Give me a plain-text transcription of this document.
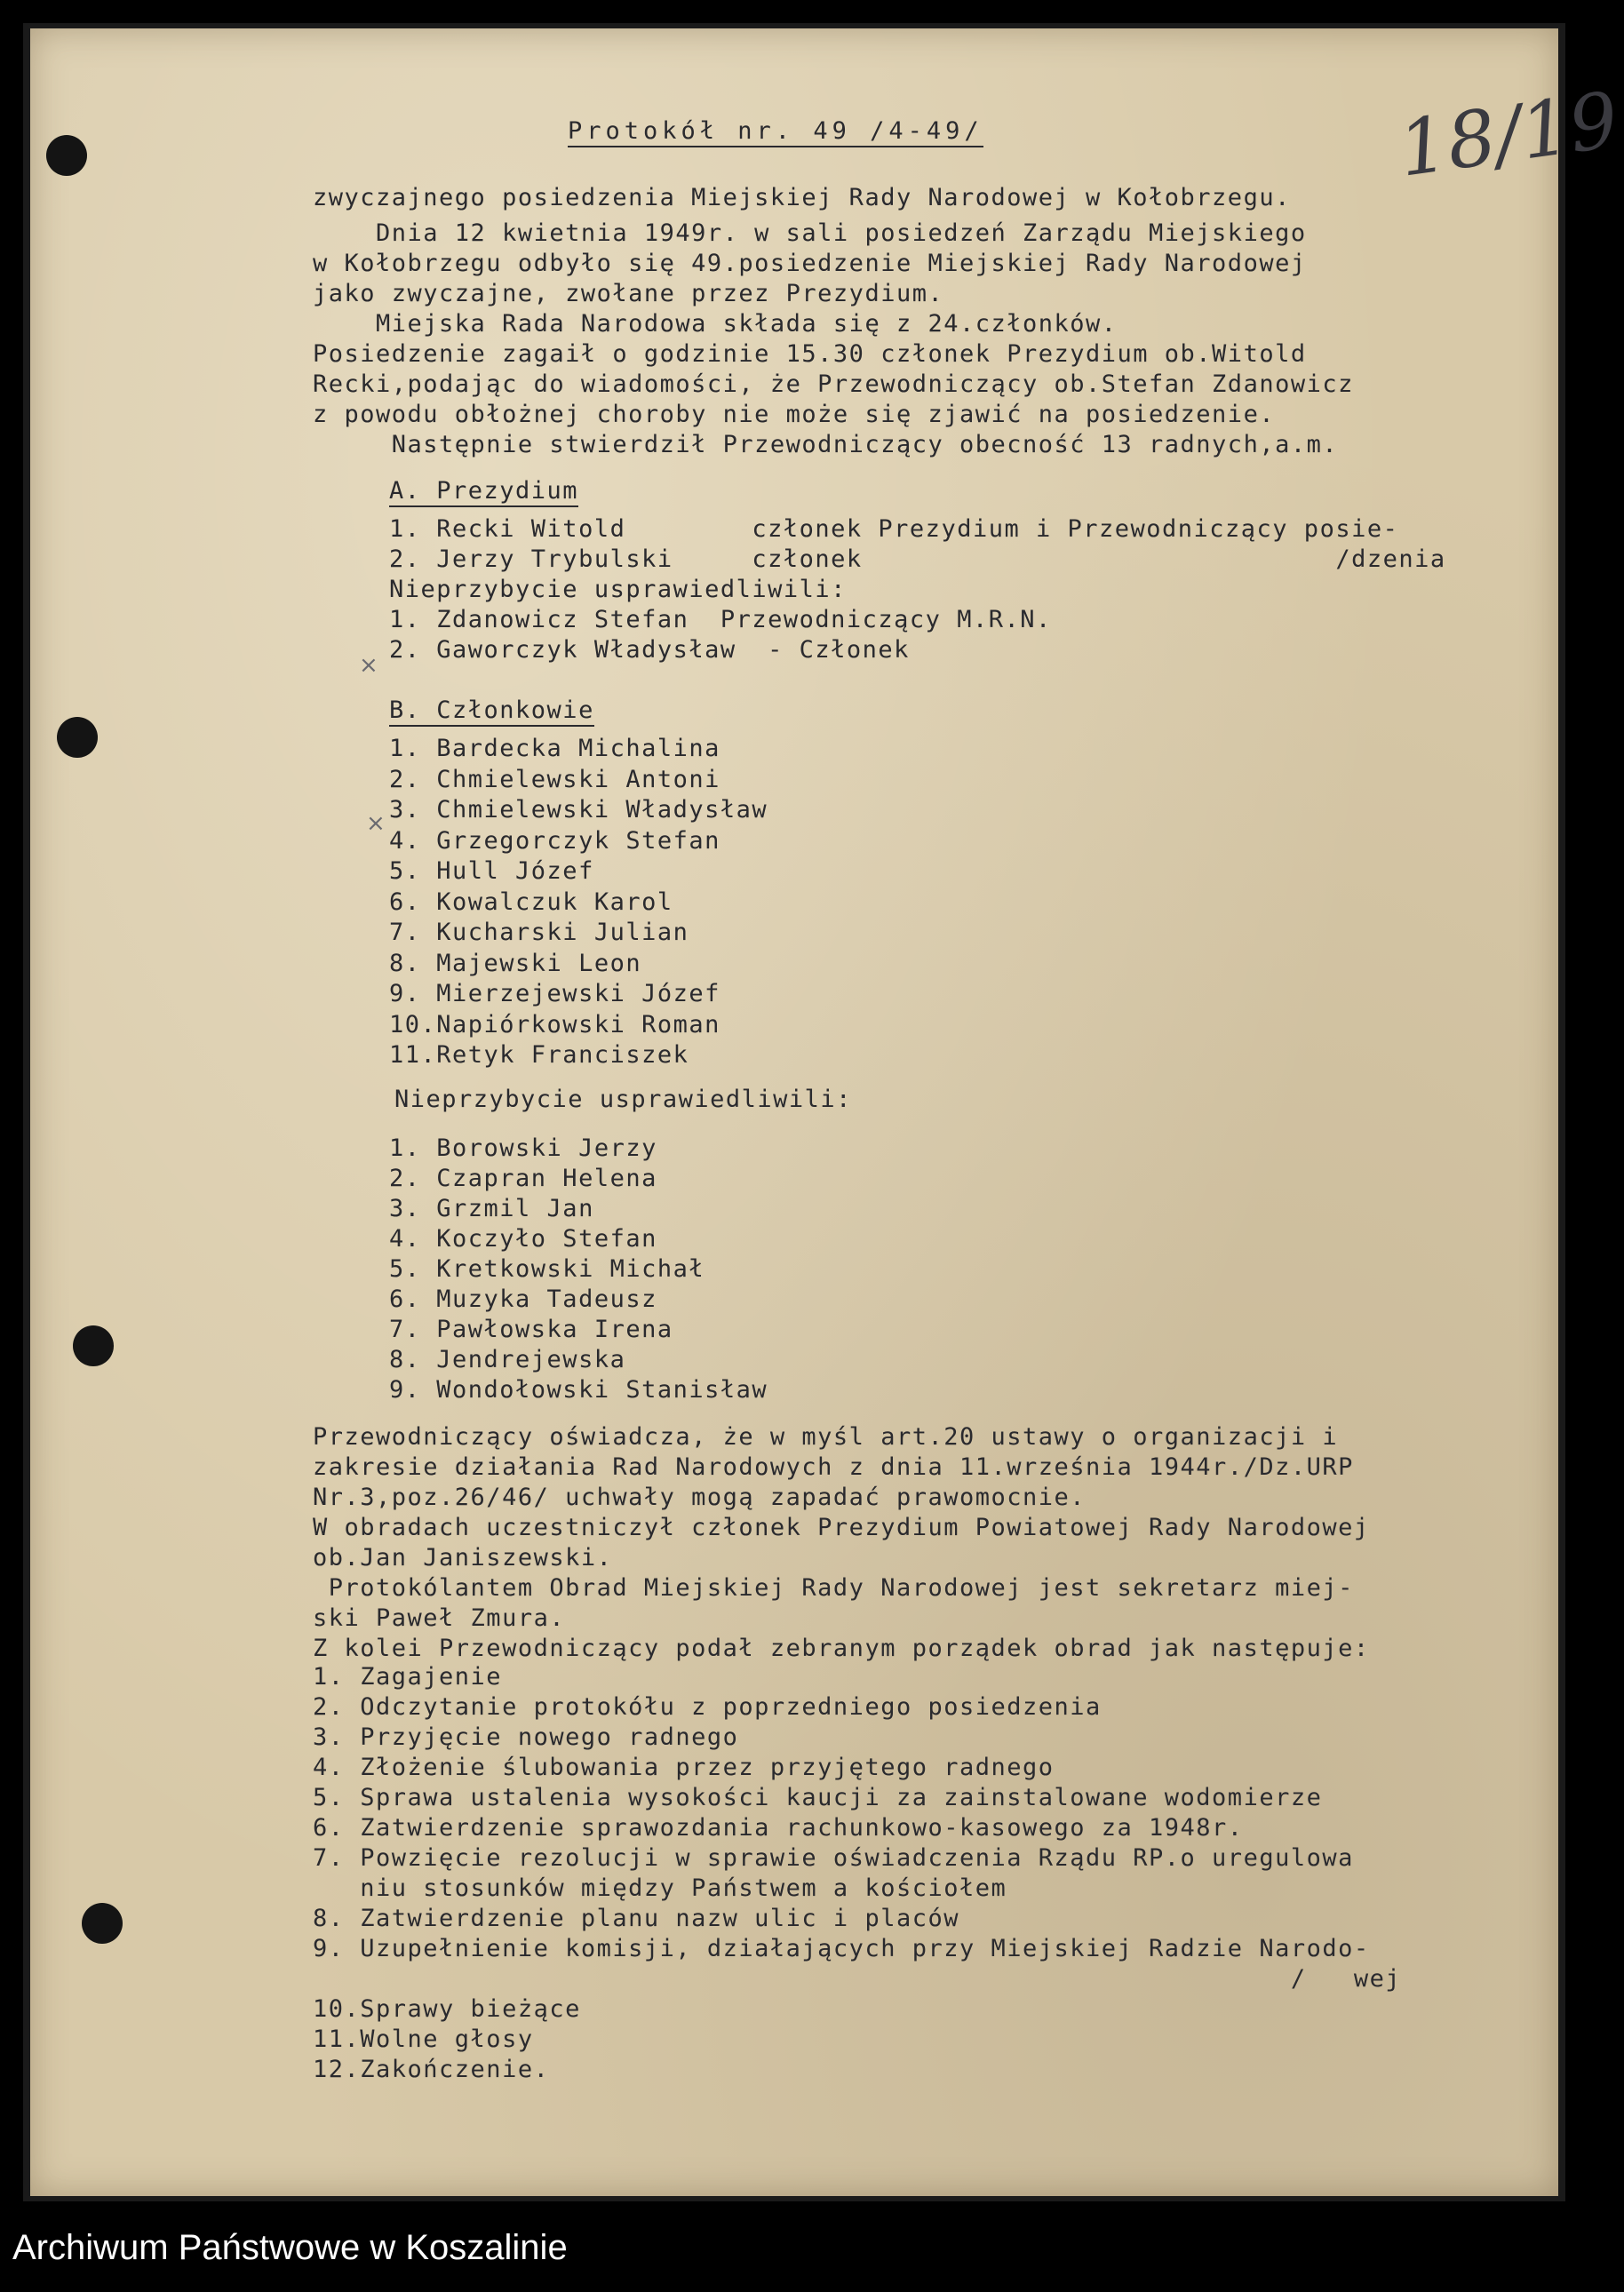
18/19
Protokół nr. 49 /4-49/
zwyczajnego posiedzenia Miejskiej Rady Narodowej w Kołobrzegu.
Dnia 12 kwietnia 1949r. w sali posiedzeń Zarządu Miejskiego
w Kołobrzegu odbyło się 49.posiedzenie Miejskiej Rady Narodowej
jako zwyczajne, zwołane przez Prezydium.
Miejska Rada Narodowa składa się z 24.członków.
Posiedzenie zagaił o godzinie 15.30 członek Prezydium ob.Witold
Recki,podając do wiadomości, że Przewodniczący ob.Stefan Zdanowicz
z powodu obłożnej choroby nie może się zjawić na posiedzenie.
Następnie stwierdził Przewodniczący obecność 13 radnych,a.m.
A. Prezydium
1. Recki Witold        członek Prezydium i Przewodniczący posie-
2. Jerzy Trybulski     członek                              /dzenia
Nieprzybycie usprawiedliwili:
1. Zdanowicz Stefan  Przewodniczący M.R.N.
2. Gaworczyk Władysław  - Członek
×
B. Członkowie
1. Bardecka Michalina
2. Chmielewski Antoni
3. Chmielewski Władysław
4. Grzegorczyk Stefan
5. Hull Józef
6. Kowalczuk Karol
7. Kucharski Julian
8. Majewski Leon
9. Mierzejewski Józef
10.Napiórkowski Roman
11.Retyk Franciszek
×
Nieprzybycie usprawiedliwili:
1. Borowski Jerzy
2. Czapran Helena
3. Grzmil Jan
4. Koczyło Stefan
5. Kretkowski Michał
6. Muzyka Tadeusz
7. Pawłowska Irena
8. Jendrejewska
9. Wondołowski Stanisław
Przewodniczący oświadcza, że w myśl art.20 ustawy o organizacji i
zakresie działania Rad Narodowych z dnia 11.września 1944r./Dz.URP
Nr.3,poz.26/46/ uchwały mogą zapadać prawomocnie.
W obradach uczestniczył członek Prezydium Powiatowej Rady Narodowej
ob.Jan Janiszewski.
Protokólantem Obrad Miejskiej Rady Narodowej jest sekretarz miej-
ski Paweł Zmura.
Z kolei Przewodniczący podał zebranym porządek obrad jak następuje:
1. Zagajenie
2. Odczytanie protokółu z poprzedniego posiedzenia
3. Przyjęcie nowego radnego
4. Złożenie ślubowania przez przyjętego radnego
5. Sprawa ustalenia wysokości kaucji za zainstalowane wodomierze
6. Zatwierdzenie sprawozdania rachunkowo-kasowego za 1948r.
7. Powzięcie rezolucji w sprawie oświadczenia Rządu RP.o uregulowa
niu stosunków między Państwem a kościołem
8. Zatwierdzenie planu nazw ulic i placów
9. Uzupełnienie komisji, działających przy Miejskiej Radzie Narodo-
/   wej
10.Sprawy bieżące
11.Wolne głosy
12.Zakończenie.
Archiwum Państwowe w Koszalinie
